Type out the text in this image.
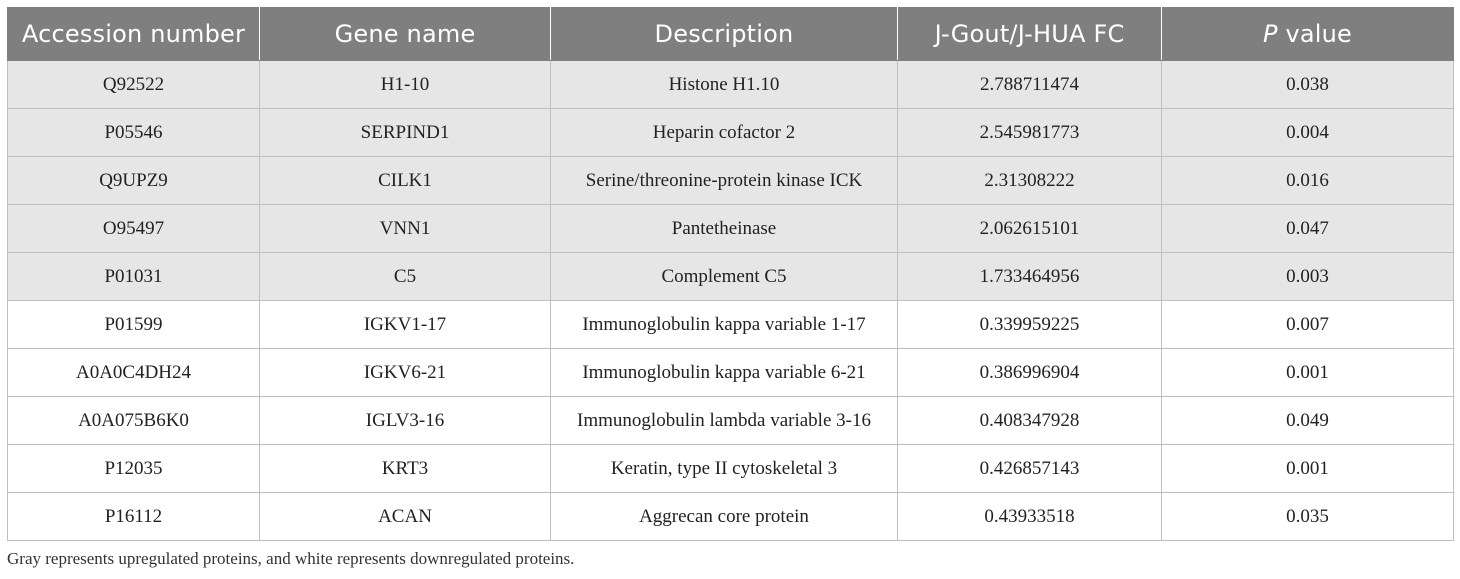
Accession number	Gene name	Description	J-Gout/J-HUA FC	P value
Q92522	H1-10	Histone H1.10	2.788711474	0.038
P05546	SERPIND1	Heparin cofactor 2	2.545981773	0.004
Q9UPZ9	CILK1	Serine/threonine-protein kinase ICK	2.31308222	0.016
O95497	VNN1	Pantetheinase	2.062615101	0.047
P01031	C5	Complement C5	1.733464956	0.003
P01599	IGKV1-17	Immunoglobulin kappa variable 1-17	0.339959225	0.007
A0A0C4DH24	IGKV6-21	Immunoglobulin kappa variable 6-21	0.386996904	0.001
A0A075B6K0	IGLV3-16	Immunoglobulin lambda variable 3-16	0.408347928	0.049
P12035	KRT3	Keratin, type II cytoskeletal 3	0.426857143	0.001
P16112	ACAN	Aggrecan core protein	0.43933518	0.035
Gray represents upregulated proteins, and white represents downregulated proteins.
